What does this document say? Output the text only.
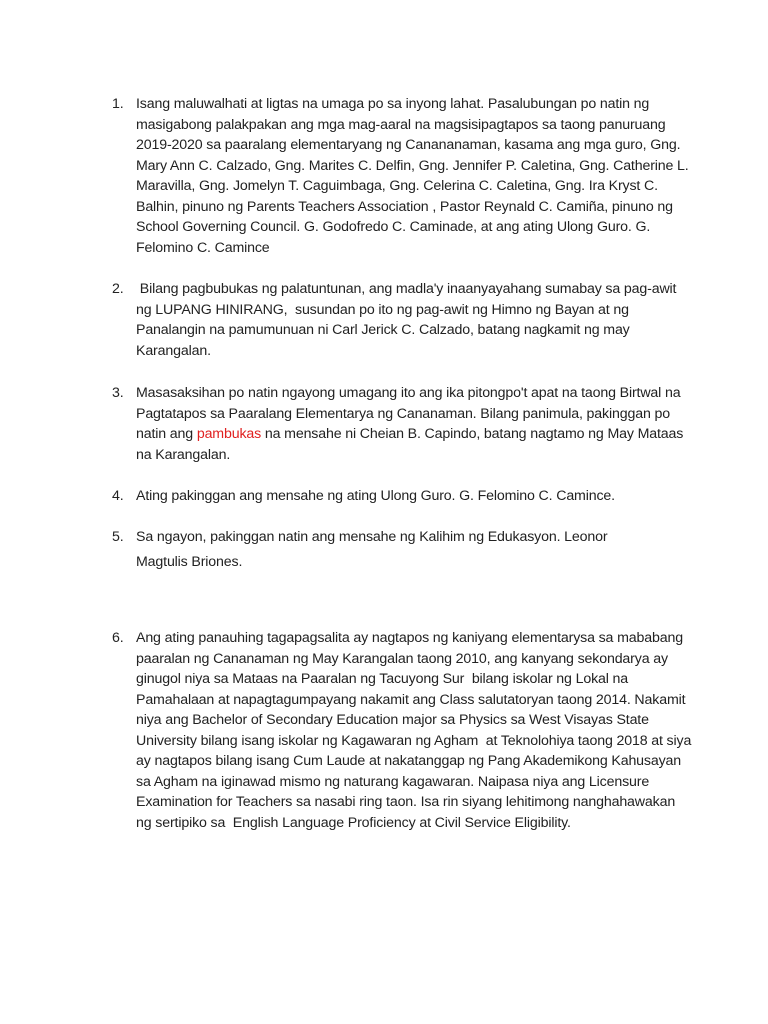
1. Isang maluwalhati at ligtas na umaga po sa inyong lahat. Pasalubungan po natin ng masigabong palakpakan ang mga mag-aaral na magsisipagtapos sa taong panuruang 2019-2020 sa paaralang elementaryang ng Canananaman, kasama ang mga guro, Gng. Mary Ann C. Calzado, Gng. Marites C. Delfin, Gng. Jennifer P. Caletina, Gng. Catherine L. Maravilla, Gng. Jomelyn T. Caguimbaga, Gng. Celerina C. Caletina, Gng. Ira Kryst C. Balhin, pinuno ng Parents Teachers Association , Pastor Reynald C. Camiña, pinuno ng School Governing Council. G. Godofredo C. Caminade, at ang ating Ulong Guro. G. Felomino C. Camince
2. Bilang pagbubukas ng palatuntunan, ang madla'y inaanyayahang sumabay sa pag-awit ng LUPANG HINIRANG,  susundan po ito ng pag-awit ng Himno ng Bayan at ng Panalangin na pamumunuan ni Carl Jerick C. Calzado, batang nagkamit ng may Karangalan.
3. Masasaksihan po natin ngayong umagang ito ang ika pitongpo't apat na taong Birtwal na Pagtatapos sa Paaralang Elementarya ng Cananaman. Bilang panimula, pakinggan po natin ang pambukas na mensahe ni Cheian B. Capindo, batang nagtamo ng May Mataas na Karangalan.
4. Ating pakinggan ang mensahe ng ating Ulong Guro. G. Felomino C. Camince.
5. Sa ngayon, pakinggan natin ang mensahe ng Kalihim ng Edukasyon. Leonor
Magtulis Briones.
6. Ang ating panauhing tagapagsalita ay nagtapos ng kaniyang elementarysa sa mababang paaralan ng Cananaman ng May Karangalan taong 2010, ang kanyang sekondarya ay ginugol niya sa Mataas na Paaralan ng Tacuyong Sur  bilang iskolar ng Lokal na Pamahalaan at napagtagumpayang nakamit ang Class salutatoryan taong 2014. Nakamit niya ang Bachelor of Secondary Education major sa Physics sa West Visayas State University bilang isang iskolar ng Kagawaran ng Agham  at Teknolohiya taong 2018 at siya ay nagtapos bilang isang Cum Laude at nakatanggap ng Pang Akademikong Kahusayan sa Agham na iginawad mismo ng naturang kagawaran. Naipasa niya ang Licensure Examination for Teachers sa nasabi ring taon. Isa rin siyang lehitimong nanghahawakan ng sertipiko sa  English Language Proficiency at Civil Service Eligibility.
